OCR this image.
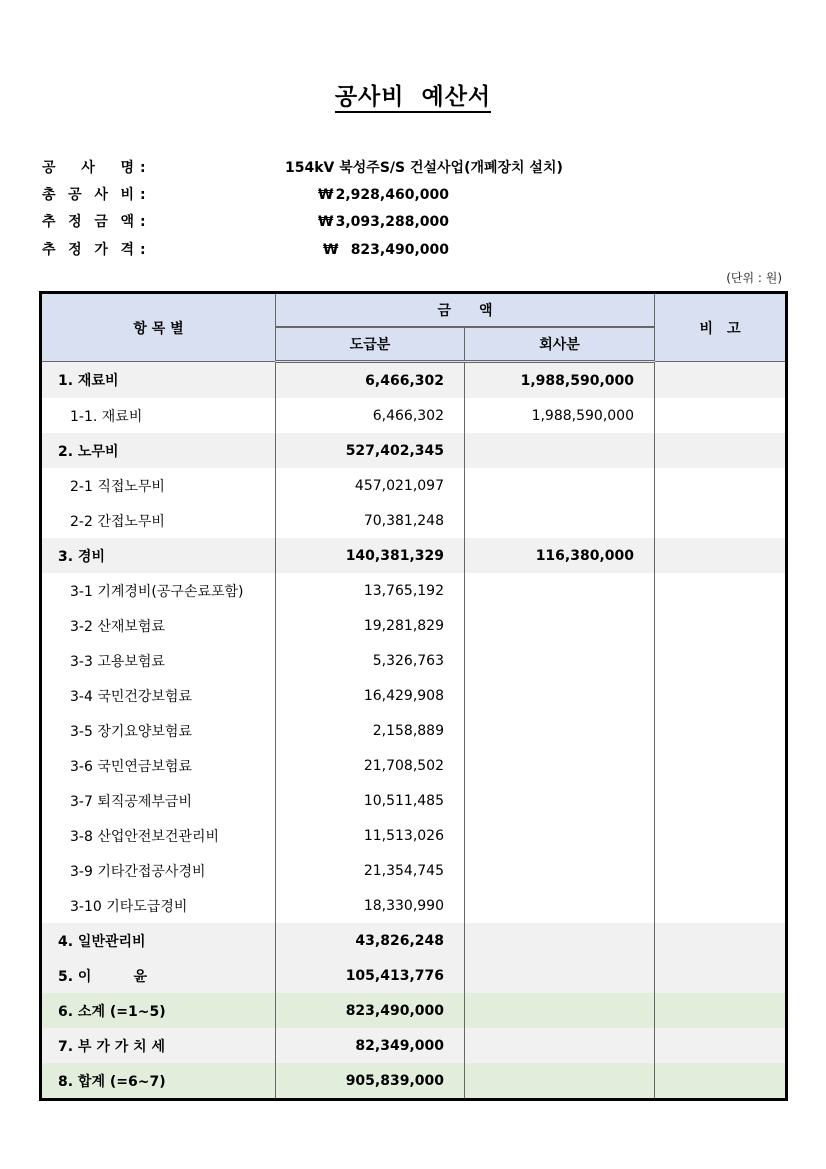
공사비 예산서
공 사 명 :	154kV 북성주S/S 건설사업(개폐장치 설치)
총 공 사 비 :	₩ 2,928,460,000
추 정 금 액 :	₩ 3,093,288,000
추 정 가 격 :	₩ 823,490,000
(단위 : 원)
항 목 별	금　　액		비　고
	도급분	회사분	
1. 재료비	6,466,302	1,988,590,000	
1-1. 재료비	6,466,302	1,988,590,000	
2. 노무비	527,402,345		
2-1 직접노무비	457,021,097		
2-2 간접노무비	70,381,248		
3. 경비	140,381,329	116,380,000	
3-1 기계경비(공구손료포함)	13,765,192		
3-2 산재보험료	19,281,829		
3-3 고용보험료	5,326,763		
3-4 국민건강보험료	16,429,908		
3-5 장기요양보험료	2,158,889		
3-6 국민연금보험료	21,708,502		
3-7 퇴직공제부금비	10,511,485		
3-8 산업안전보건관리비	11,513,026		
3-9 기타간접공사경비	21,354,745		
3-10 기타도급경비	18,330,990		
4. 일반관리비	43,826,248		
5. 이　　　윤	105,413,776		
6. 소계 (=1~5)	823,490,000		
7. 부 가 가 치 세	82,349,000		
8. 합계 (=6~7)	905,839,000		
